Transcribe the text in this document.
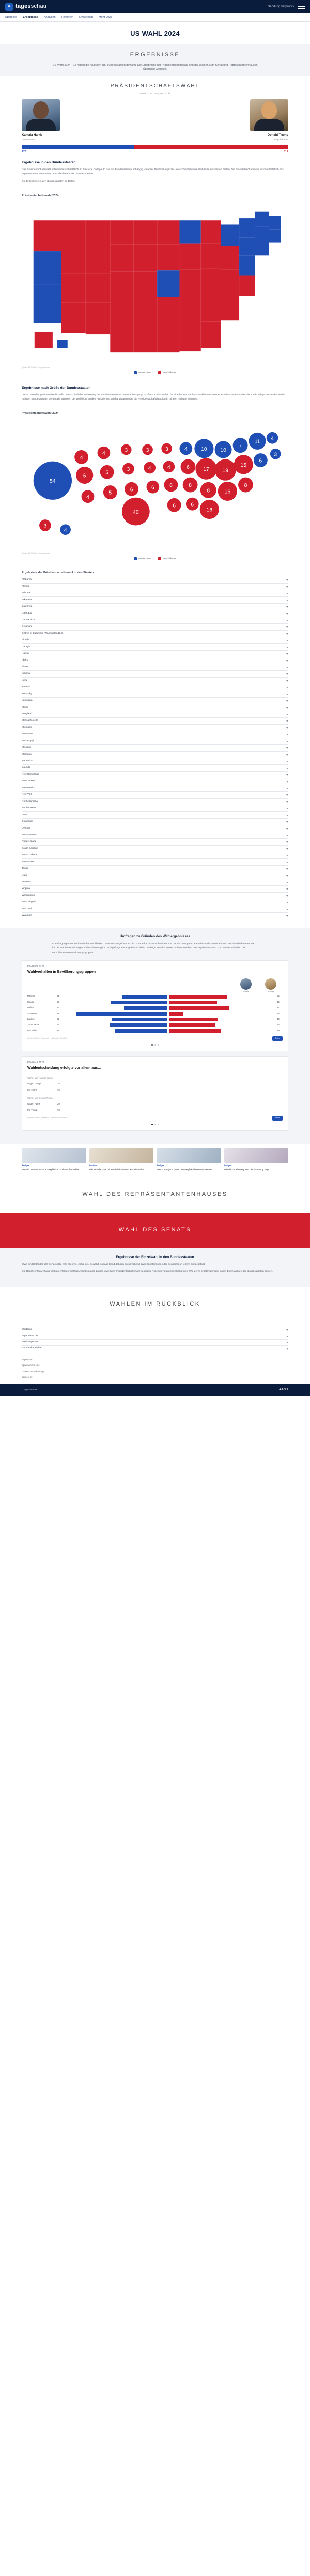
A tagesschau	Sendung verpasst?
Startseite Ergebnisse Analysen Personen Livestream Mehr USA
US WAHL 2024
ERGEBNISSE

US-Wahl 2024 - Es haben die Analysen US-Bundesstaaten gewählt. Die Ergebnisse der Präsidentschaftswahl und der Wahlen zum Senat und Repräsentantenhaus in Übersicht Grafiken.

PRÄSIDENTSCHAFTSWAHL
Stand: 07.01.2025, 08:11 Uhr
Kamala Harris
Demokraten
Donald Trump
Republikaner
226	312
Ergebnisse in den Bundesstaaten

Das Präsidentschaftswahl entscheidet sich letztlich im Electoral College. In das die Bundesstaaten abhängig von ihrer Bevölkerungszahl unterschiedlich viele Wahlleute entsenden dürfen. Die Präsidentschaftswahl ist damit letztlich das Ergebnis einer Summe von Einzelwahlen in den Bundesstaaten.

Die Ergebnisse in den Bundesstaaten im Detail:

Präsidentschaftswahl 2024
Quelle: AP/Reuters, tagesschau
Demokraten	Republikaner
Ergebnisse nach Größe der Bundesstaaten

Diese Darstellung veranschaulicht die unterschiedliche Bedeutung der Bundesstaaten für den Wahlausgang. Größere Kreise stehen für eine höhere Zahl von Wahlleuten. Die der Bundesstaaten in das Electoral College entsendet. In den meisten Bundesstaaten gehen alle Stimmen der Wahlleute an den Präsidentschaftskandidaten oder die Präsidentschaftskandidatin mit den meisten Stimmen.

Präsidentschaftswahl 2024
54
4
6
4
4
5
5
3
3
6
40
3
4
6
3
4
8
6
4
6
8
6
10
17
8
16
10
19
16
7
15
8
11
6
4
3
3
4
Quelle: AP/Reuters, tagesschau
Demokraten	Republikaner
Ergebnisse der Präsidentschaftswahl in den Staaten
Alabama
Alaska
Arizona
Arkansas
California
Colorado
Connecticut
Delaware
District of Columbia (Washington D.C.)
Florida
Georgia
Hawaii
Idaho
Illinois
Indiana
Iowa
Kansas
Kentucky
Louisiana
Maine
Maryland
Massachusetts
Michigan
Minnesota
Mississippi
Missouri
Montana
Nebraska
Nevada
New Hampshire
New Jersey
New Mexico
New York
North Carolina
North Dakota
Ohio
Oklahoma
Oregon
Pennsylvania
Rhode Island
South Carolina
South Dakota
Tennessee
Texas
Utah
Vermont
Virginia
Washington
West Virginia
Wisconsin
Wyoming
Umfragen zu Gründen des Wahlergebnisses
In Befragungen vor und nach der Wahl haben US-Forschungsinstitute die Gründe für das Abschneiden von Donald Trump und Kamala Harris untersucht und auch nach den Gründen für die Wahlentscheidung und die Stimmung im Land gefragt. Die Ergebnisse liefern wichtige Anhaltspunkte zu den Ursachen des Ergebnisses und zum Wählerverhalten bei verschiedenen Bevölkerungsgruppen.
US-Wahl 2024
Wahlverhalten in Bevölkerungsgruppen
Harris	Trump
Männer	42	55
Frauen	53	45
Weiße	41	57
Schwarze	86	13
Latinos	52	46
18-29 Jahre	54	43
65+ Jahre	49	49
Quelle: Edison Research / Nationaler Exit Poll	Teilen
US-Wahl 2024
Wahlentscheidung erfolgte vor allem aus...
Wähler von Kamala Harris
Gegen Trump	25
Für Harris	73
Wähler von Donald Trump
Gegen Harris	20
Für Trump	78
Quelle: Edison Research / Nationaler Exit Poll	Teilen
Analyse
Wie die USA auf Trumps Sieg blicken und was ihn wählte
Analyse
Wie sich die USA mit Harris blicken und was sie wollte
Analyse
Was Trump jetzt keinen ein Vergleich bewerten werden
Analyse
Wie die USA bewegt und die Stimmung zeigt
WAHL DES REPRÄSENTANTENHAUSES
WAHL DES SENATS
Ergebnisse der Einzelwahl in den Bundesstaaten

Etwa ein Drittel der 100 Senatssitze wird alle zwei Jahre neu gewählt, sodass Kandidaturen entsprechend zwei Senatorinnen oder Senatoren in jedem Bundesstaat.

Die Repräsentantenhaus-Wahlen erfolgen wichtige Anhaltspunkte zu den jeweiligen Präsidentschaftswahl geografik-Rolle bei vielen Einzelhaltungen. Wie deren erst Ergebnisse in den Einzelwahlen der Bundesstaaten zeigen.

WAHLEN IM RÜCKBLICK
Startseite
Ergebnisse der
ARD-Angebote
Rundfunkanstalten
Impressum
Sprechen Sie uns
Datenschutzerklärung
Barrierefrei
© tagesschau.de	ARD
